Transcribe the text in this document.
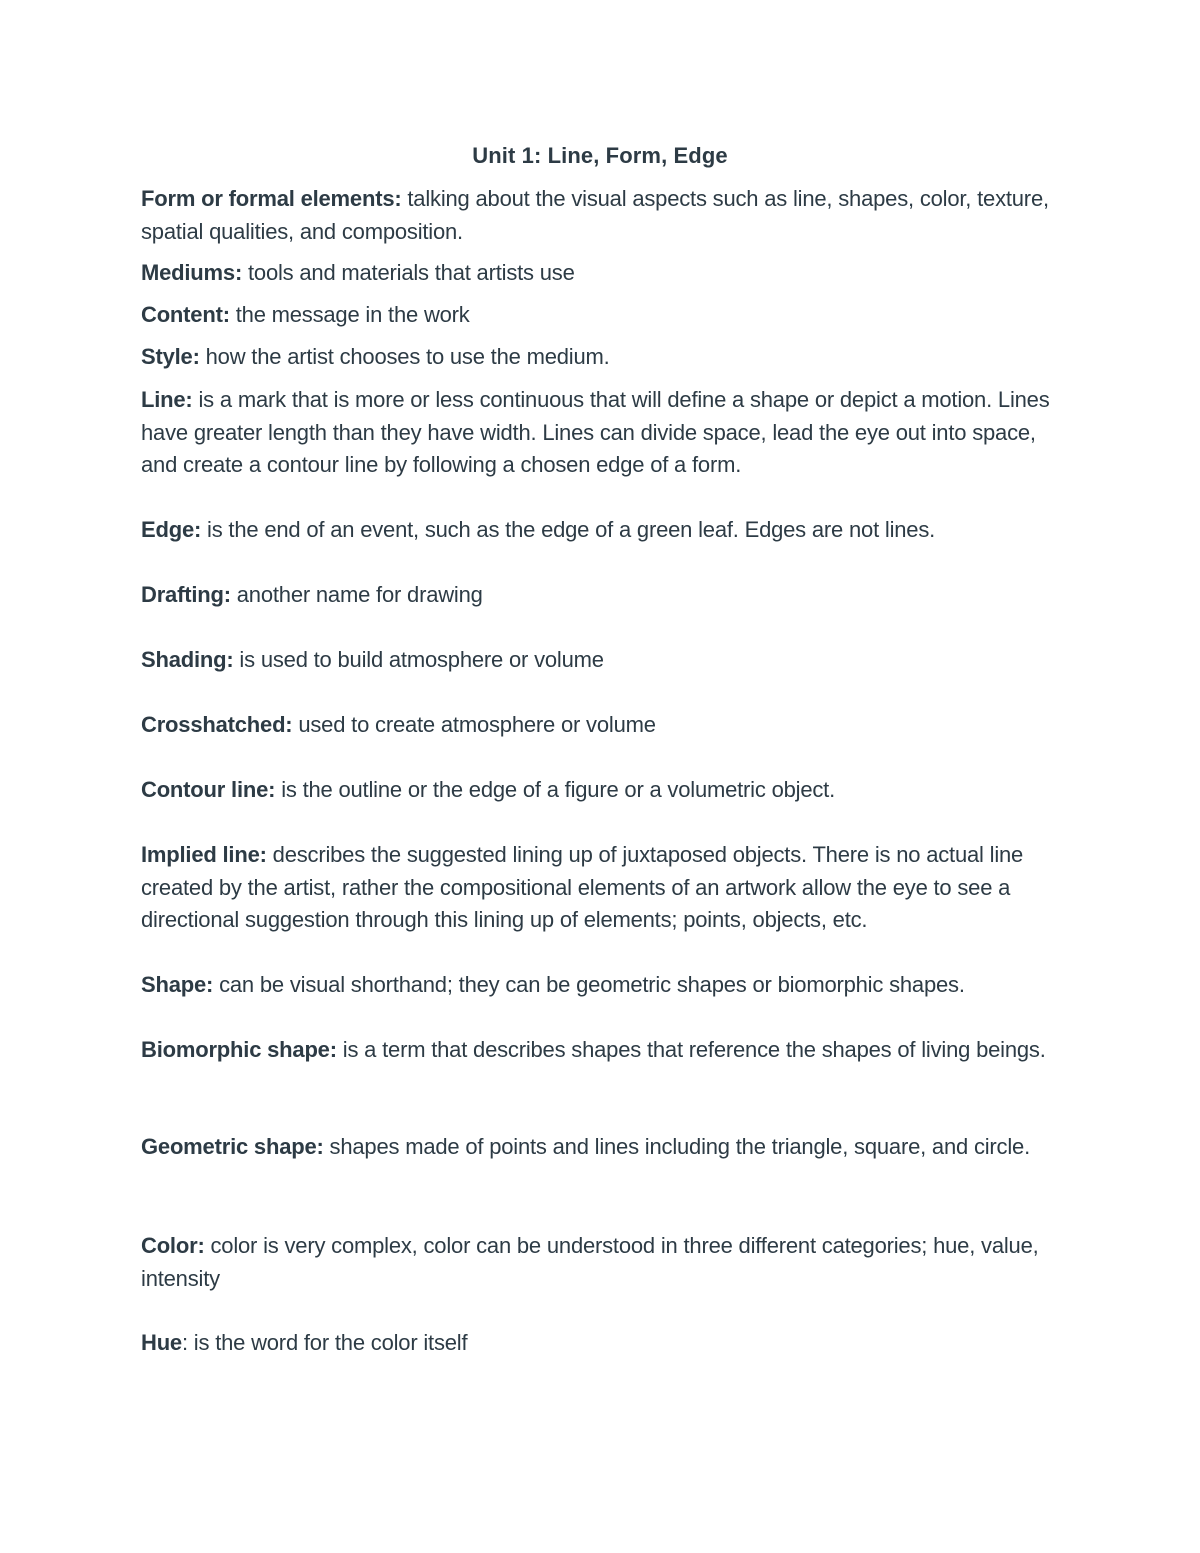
Unit 1: Line, Form, Edge

Form or formal elements: talking about the visual aspects such as line, shapes, color, texture, spatial qualities, and composition.

Mediums: tools and materials that artists use

Content: the message in the work

Style: how the artist chooses to use the medium.

Line: is a mark that is more or less continuous that will define a shape or depict a motion. Lines have greater length than they have width. Lines can divide space, lead the eye out into space, and create a contour line by following a chosen edge of a form.

Edge: is the end of an event, such as the edge of a green leaf. Edges are not lines.

Drafting: another name for drawing

Shading: is used to build atmosphere or volume

Crosshatched: used to create atmosphere or volume

Contour line: is the outline or the edge of a figure or a volumetric object.

Implied line: describes the suggested lining up of juxtaposed objects. There is no actual line created by the artist, rather the compositional elements of an artwork allow the eye to see a directional suggestion through this lining up of elements; points, objects, etc.

Shape: can be visual shorthand; they can be geometric shapes or biomorphic shapes.

Biomorphic shape: is a term that describes shapes that reference the shapes of living beings.

Geometric shape: shapes made of points and lines including the triangle, square, and circle.

Color: color is very complex, color can be understood in three different categories; hue, value, intensity

Hue: is the word for the color itself
